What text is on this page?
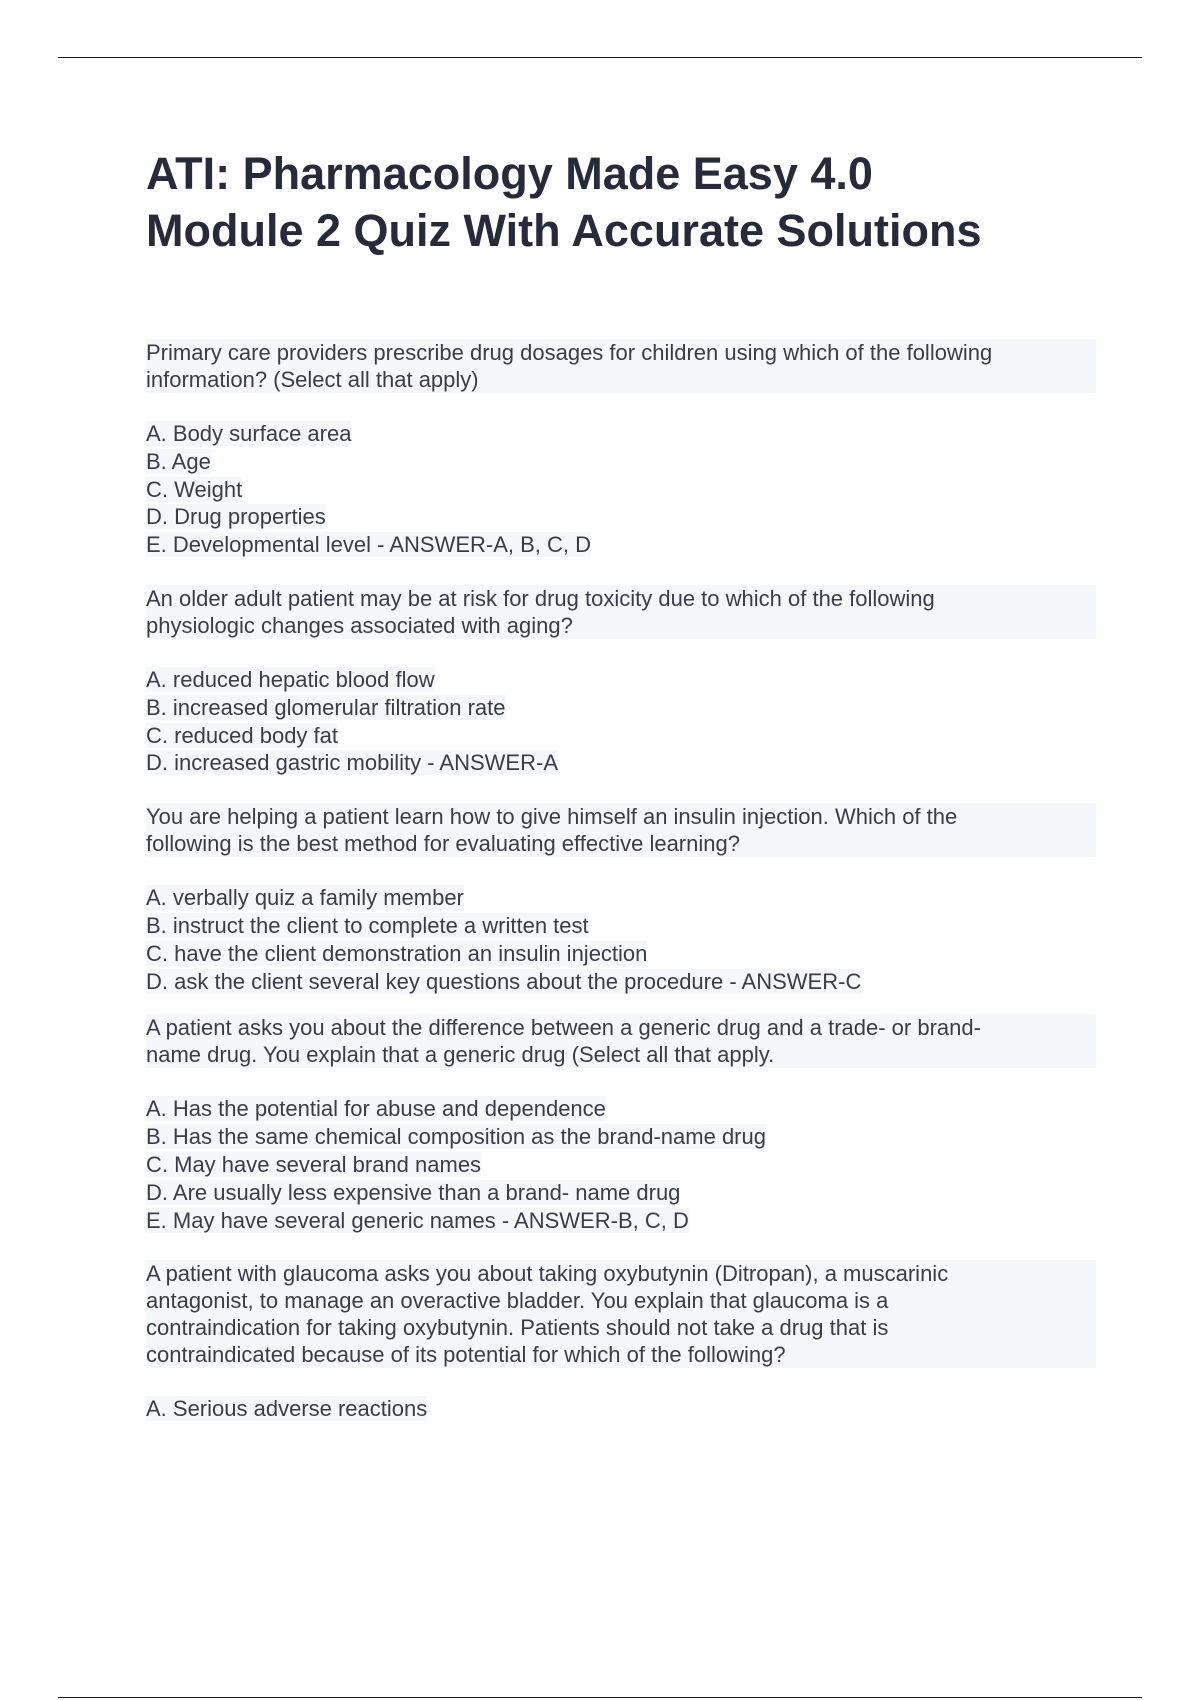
ATI: Pharmacology Made Easy 4.0
Module 2 Quiz With Accurate Solutions

Primary care providers prescribe drug dosages for children using which of the following
information? (Select all that apply)

A. Body surface area
B. Age
C. Weight
D. Drug properties
E. Developmental level - ANSWER-A, B, C, D

An older adult patient may be at risk for drug toxicity due to which of the following
physiologic changes associated with aging?

A. reduced hepatic blood flow
B. increased glomerular filtration rate
C. reduced body fat
D. increased gastric mobility - ANSWER-A

You are helping a patient learn how to give himself an insulin injection. Which of the
following is the best method for evaluating effective learning?

A. verbally quiz a family member
B. instruct the client to complete a written test
C. have the client demonstration an insulin injection
D. ask the client several key questions about the procedure - ANSWER-C

A patient asks you about the difference between a generic drug and a trade- or brand-
name drug. You explain that a generic drug (Select all that apply.

A. Has the potential for abuse and dependence
B. Has the same chemical composition as the brand-name drug
C. May have several brand names
D. Are usually less expensive than a brand- name drug
E. May have several generic names - ANSWER-B, C, D

A patient with glaucoma asks you about taking oxybutynin (Ditropan), a muscarinic
antagonist, to manage an overactive bladder. You explain that glaucoma is a
contraindication for taking oxybutynin. Patients should not take a drug that is
contraindicated because of its potential for which of the following?

A. Serious adverse reactions
